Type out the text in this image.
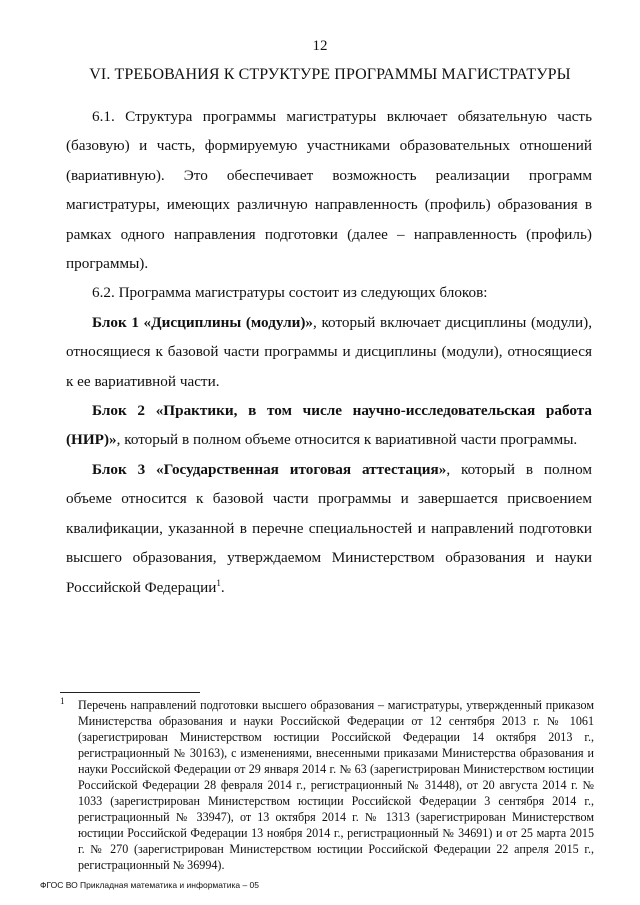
12
VI. ТРЕБОВАНИЯ К СТРУКТУРЕ ПРОГРАММЫ МАГИСТРАТУРЫ

6.1. Структура программы магистратуры включает обязательную часть (базовую) и часть, формируемую участниками образовательных отношений (вариативную). Это обеспечивает возможность реализации программ магистратуры, имеющих различную направленность (профиль) образования в рамках одного направления подготовки (далее – направленность (профиль) программы).

6.2. Программа магистратуры состоит из следующих блоков:

Блок 1 «Дисциплины (модули)», который включает дисциплины (модули), относящиеся к базовой части программы и дисциплины (модули), относящиеся к ее вариативной части.

Блок 2 «Практики, в том числе научно-исследовательская работа (НИР)», который в полном объеме относится к вариативной части программы.

Блок 3 «Государственная итоговая аттестация», который в полном объеме относится к базовой части программы и завершается присвоением квалификации, указанной в перечне специальностей и направлений подготовки высшего образования, утверждаемом Министерством образования и науки Российской Федерации$^1$.

$^1$	Перечень направлений подготовки высшего образования – магистратуры, утвержденный приказом Министерства образования и науки Российской Федерации от 12 сентября 2013 г. № 1061 (зарегистрирован Министерством юстиции Российской Федерации 14 октября 2013 г., регистрационный № 30163), с изменениями, внесенными приказами Министерства образования и науки Российской Федерации от 29 января 2014 г. № 63 (зарегистрирован Министерством юстиции Российской Федерации 28 февраля 2014 г., регистрационный № 31448), от 20 августа 2014 г. № 1033 (зарегистрирован Министерством юстиции Российской Федерации 3 сентября 2014 г., регистрационный № 33947), от 13 октября 2014 г. № 1313 (зарегистрирован Министерством юстиции Российской Федерации 13 ноября 2014 г., регистрационный № 34691) и от 25 марта 2015 г. № 270 (зарегистрирован Министерством юстиции Российской Федерации 22 апреля 2015 г., регистрационный № 36994).
ФГОС ВО Прикладная математика и информатика – 05
